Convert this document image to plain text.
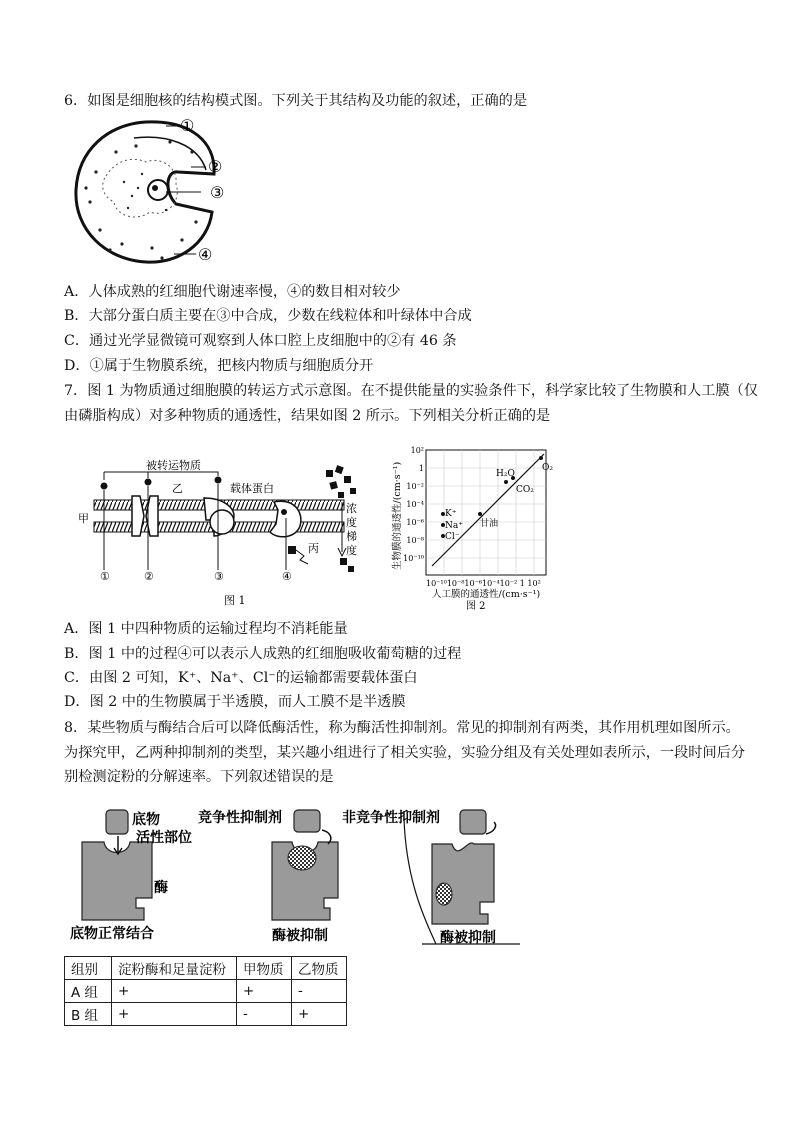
6．如图是细胞核的结构模式图。下列关于其结构及功能的叙述，正确的是
①
②
③
④
A．人体成熟的红细胞代谢速率慢，④的数目相对较少
B．大部分蛋白质主要在③中合成，少数在线粒体和叶绿体中合成
C．通过光学显微镜可观察到人体口腔上皮细胞中的②有 46 条
D．①属于生物膜系统，把核内物质与细胞质分开
7．图 1 为物质通过细胞膜的转运方式示意图。在不提供能量的实验条件下，科学家比较了生物膜和人工膜（仅
由磷脂构成）对多种物质的通透性，结果如图 2 所示。下列相关分析正确的是
被转运物质
载体蛋白
甲
乙
丙
①	②	③	④
浓
度
梯
度
图 1
K⁺
Na⁺
Cl⁻
甘油
H₂O
CO₂
O₂
10²
1
10⁻²
10⁻⁴
10⁻⁶
10⁻⁸
10⁻¹⁰
10⁻¹⁰10⁻⁸10⁻⁶10⁻⁴10⁻² 1 10²
人工膜的通透性/(cm·s⁻¹)
生物膜的通透性/(cm·s⁻¹)
图 2
A．图 1 中四种物质的运输过程均不消耗能量
B．图 1 中的过程④可以表示人成熟的红细胞吸收葡萄糖的过程
C．由图 2 可知，K⁺、Na⁺、Cl⁻的运输都需要载体蛋白
D．图 2 中的生物膜属于半透膜，而人工膜不是半透膜
8．某些物质与酶结合后可以降低酶活性，称为酶活性抑制剂。常见的抑制剂有两类，其作用机理如图所示。
为探究甲，乙两种抑制剂的类型，某兴趣小组进行了相关实验，实验分组及有关处理如表所示，一段时间后分
别检测淀粉的分解速率。下列叙述错误的是
底物
活性部位
酶
底物正常结合
竞争性抑制剂	非竞争性抑制剂
酶被抑制	酶被抑制
组别	淀粉酶和足量淀粉	甲物质	乙物质
A 组	+	+	-
B 组	+	-	+
